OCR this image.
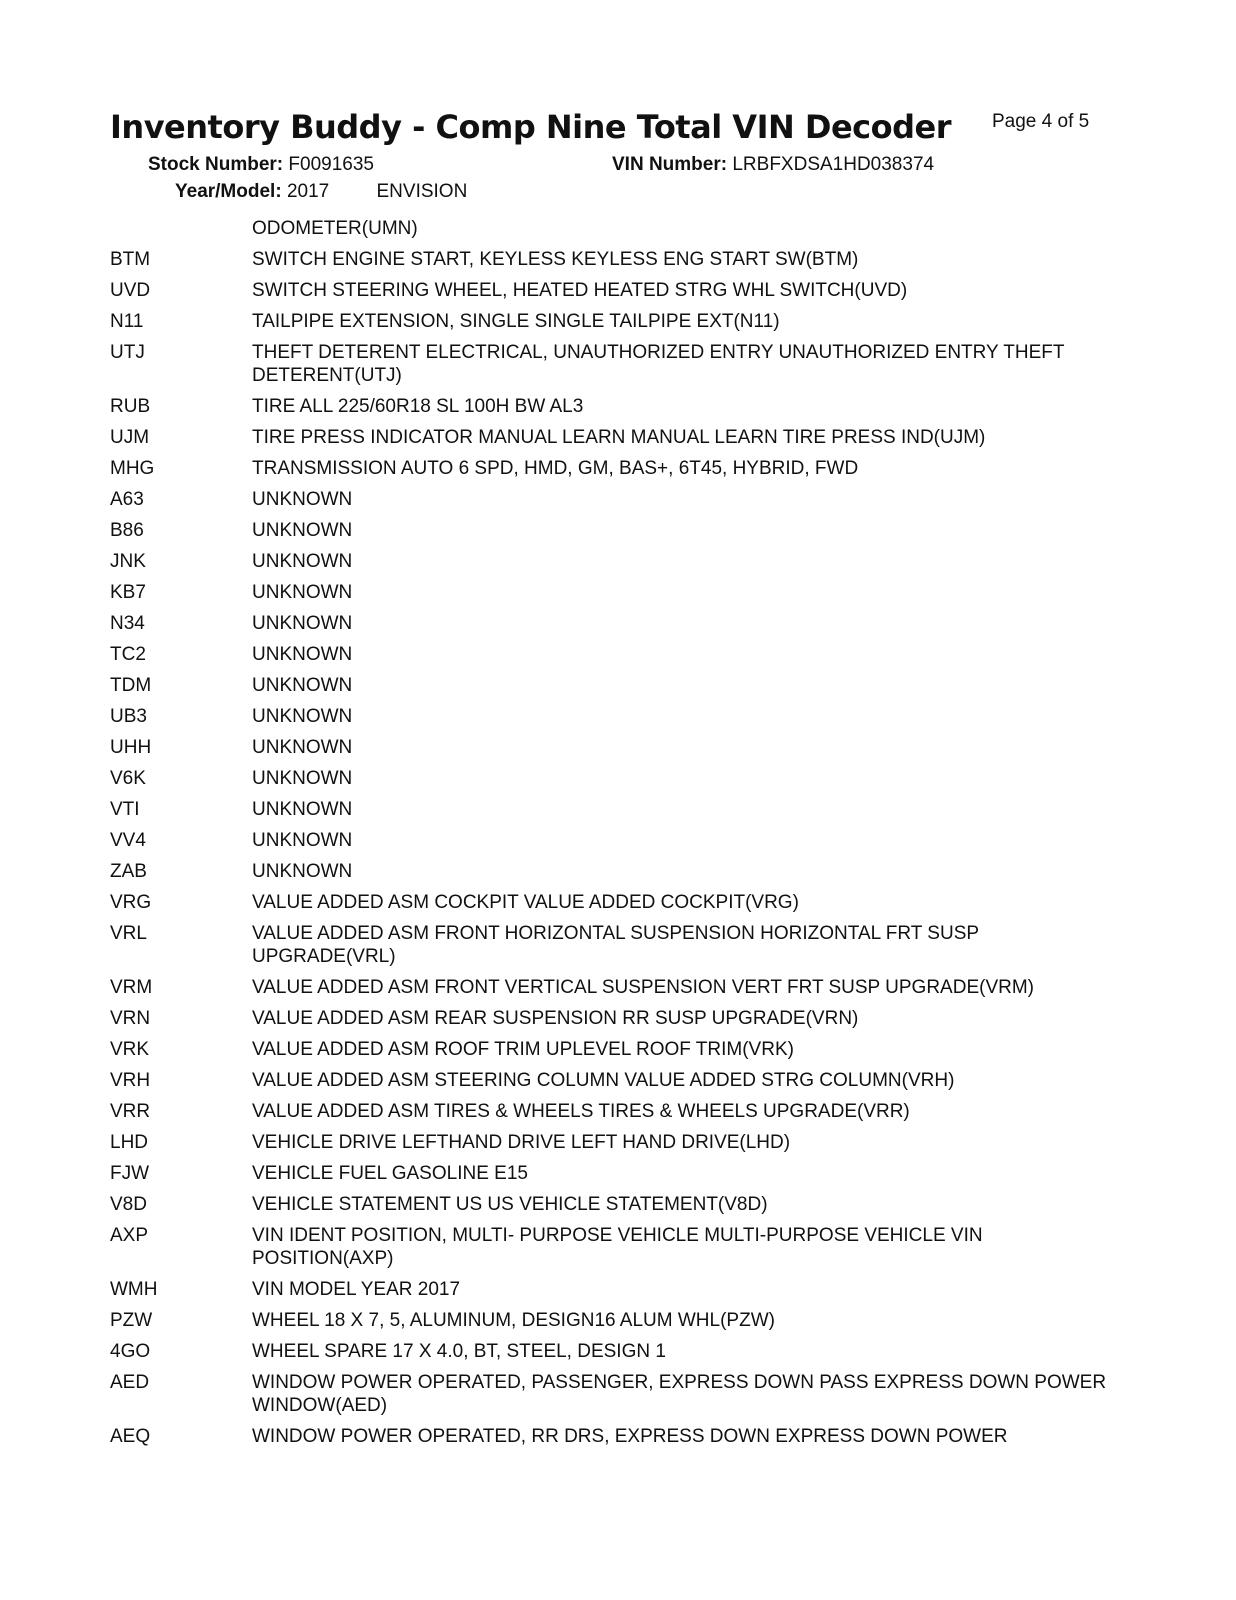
Inventory Buddy - Comp Nine Total VIN Decoder Page 4 of 5
Stock Number: F0091635	VIN Number: LRBFXDSA1HD038374
Year/Model: 2017 ENVISION
ODOMETER(UMN)
BTM	SWITCH ENGINE START, KEYLESS KEYLESS ENG START SW(BTM)
UVD	SWITCH STEERING WHEEL, HEATED HEATED STRG WHL SWITCH(UVD)
N11	TAILPIPE EXTENSION, SINGLE SINGLE TAILPIPE EXT(N11)
UTJ	THEFT DETERENT ELECTRICAL, UNAUTHORIZED ENTRY UNAUTHORIZED ENTRY THEFT DETERENT(UTJ)
RUB	TIRE ALL 225/60R18 SL 100H BW AL3
UJM	TIRE PRESS INDICATOR MANUAL LEARN MANUAL LEARN TIRE PRESS IND(UJM)
MHG	TRANSMISSION AUTO 6 SPD, HMD, GM, BAS+, 6T45, HYBRID, FWD
A63	UNKNOWN
B86	UNKNOWN
JNK	UNKNOWN
KB7	UNKNOWN
N34	UNKNOWN
TC2	UNKNOWN
TDM	UNKNOWN
UB3	UNKNOWN
UHH	UNKNOWN
V6K	UNKNOWN
VTI	UNKNOWN
VV4	UNKNOWN
ZAB	UNKNOWN
VRG	VALUE ADDED ASM COCKPIT VALUE ADDED COCKPIT(VRG)
VRL	VALUE ADDED ASM FRONT HORIZONTAL SUSPENSION HORIZONTAL FRT SUSP UPGRADE(VRL)
VRM	VALUE ADDED ASM FRONT VERTICAL SUSPENSION VERT FRT SUSP UPGRADE(VRM)
VRN	VALUE ADDED ASM REAR SUSPENSION RR SUSP UPGRADE(VRN)
VRK	VALUE ADDED ASM ROOF TRIM UPLEVEL ROOF TRIM(VRK)
VRH	VALUE ADDED ASM STEERING COLUMN VALUE ADDED STRG COLUMN(VRH)
VRR	VALUE ADDED ASM TIRES & WHEELS TIRES & WHEELS UPGRADE(VRR)
LHD	VEHICLE DRIVE LEFTHAND DRIVE LEFT HAND DRIVE(LHD)
FJW	VEHICLE FUEL GASOLINE E15
V8D	VEHICLE STATEMENT US US VEHICLE STATEMENT(V8D)
AXP	VIN IDENT POSITION, MULTI- PURPOSE VEHICLE MULTI-PURPOSE VEHICLE VIN POSITION(AXP)
WMH	VIN MODEL YEAR 2017
PZW	WHEEL 18 X 7, 5, ALUMINUM, DESIGN16 ALUM WHL(PZW)
4GO	WHEEL SPARE 17 X 4.0, BT, STEEL, DESIGN 1
AED	WINDOW POWER OPERATED, PASSENGER, EXPRESS DOWN PASS EXPRESS DOWN POWER WINDOW(AED)
AEQ	WINDOW POWER OPERATED, RR DRS, EXPRESS DOWN EXPRESS DOWN POWER
